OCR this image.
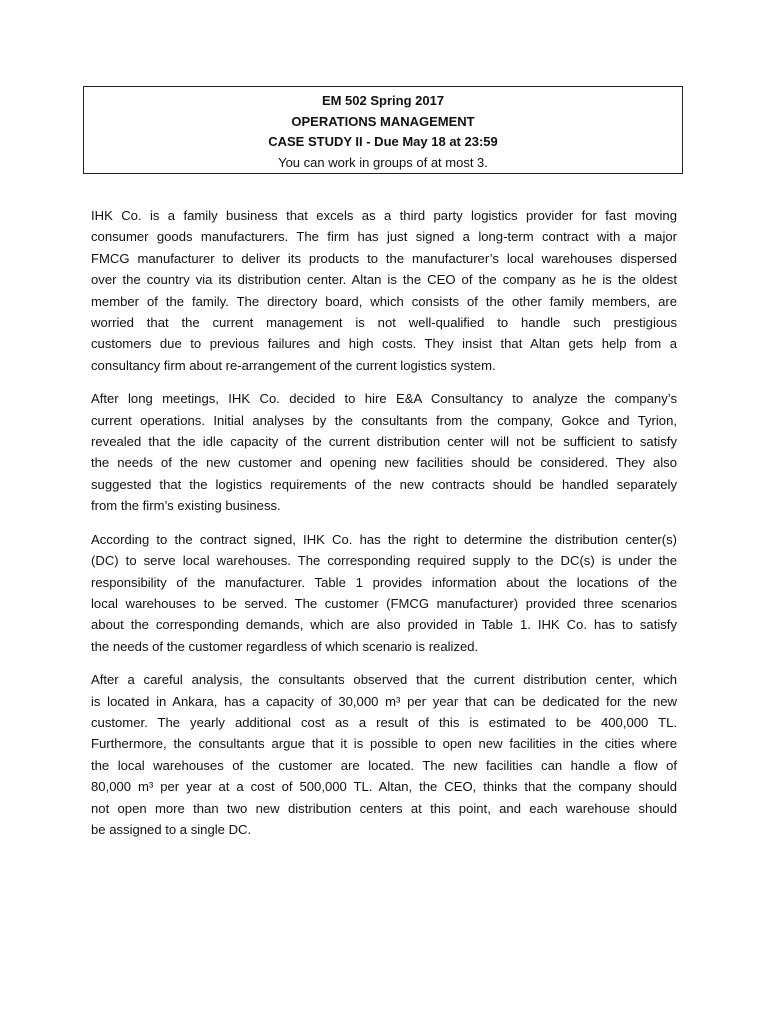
EM 502 Spring 2017
OPERATIONS MANAGEMENT
CASE STUDY II - Due May 18 at 23:59
You can work in groups of at most 3.
IHK Co. is a family business that excels as a third party logistics provider for fast moving
consumer goods manufacturers. The firm has just signed a long-term contract with a major
FMCG manufacturer to deliver its products to the manufacturer’s local warehouses dispersed
over the country via its distribution center. Altan is the CEO of the company as he is the oldest
member of the family. The directory board, which consists of the other family members, are
worried that the current management is not well-qualified to handle such prestigious
customers due to previous failures and high costs. They insist that Altan gets help from a
consultancy firm about re-arrangement of the current logistics system.
After long meetings, IHK Co. decided to hire E&A Consultancy to analyze the company’s
current operations. Initial analyses by the consultants from the company, Gokce and Tyrion,
revealed that the idle capacity of the current distribution center will not be sufficient to satisfy
the needs of the new customer and opening new facilities should be considered. They also
suggested that the logistics requirements of the new contracts should be handled separately
from the firm’s existing business.
According to the contract signed, IHK Co. has the right to determine the distribution center(s)
(DC) to serve local warehouses. The corresponding required supply to the DC(s) is under the
responsibility of the manufacturer. Table 1 provides information about the locations of the
local warehouses to be served. The customer (FMCG manufacturer) provided three scenarios
about the corresponding demands, which are also provided in Table 1. IHK Co. has to satisfy
the needs of the customer regardless of which scenario is realized.
After a careful analysis, the consultants observed that the current distribution center, which
is located in Ankara, has a capacity of 30,000 m³ per year that can be dedicated for the new
customer. The yearly additional cost as a result of this is estimated to be 400,000 TL.
Furthermore, the consultants argue that it is possible to open new facilities in the cities where
the local warehouses of the customer are located. The new facilities can handle a flow of
80,000 m³ per year at a cost of 500,000 TL. Altan, the CEO, thinks that the company should
not open more than two new distribution centers at this point, and each warehouse should
be assigned to a single DC.
